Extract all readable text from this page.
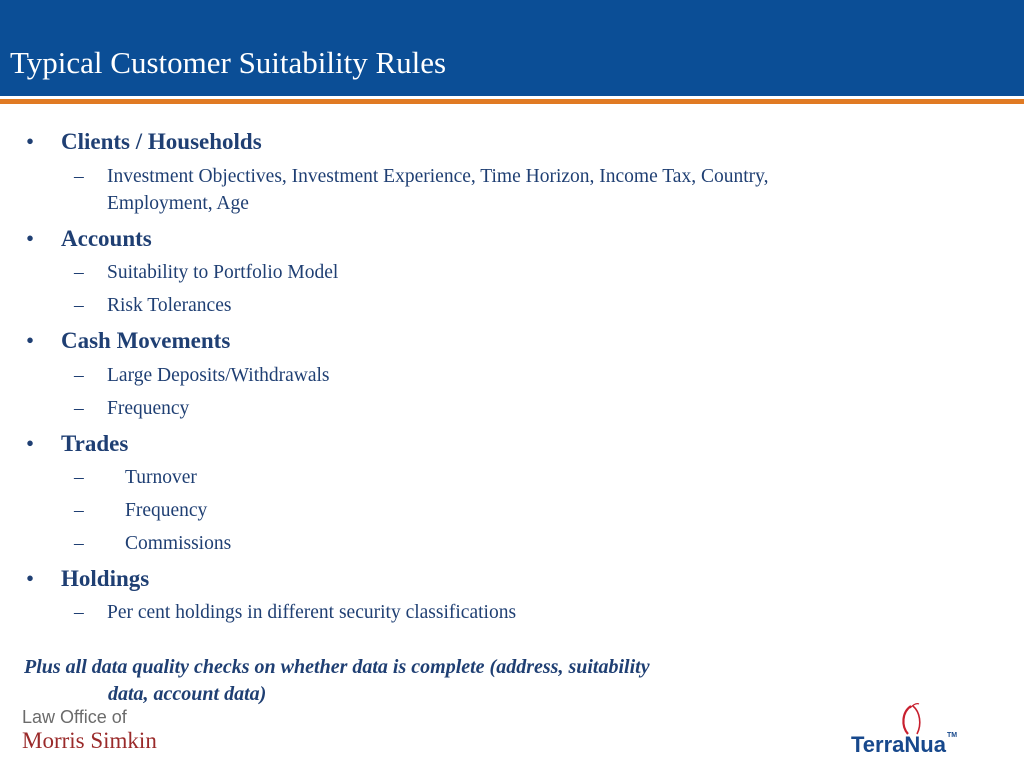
Typical Customer Suitability Rules
• Clients / Households
– Investment Objectives, Investment Experience, Time Horizon, Income Tax, Country,
Employment, Age
• Accounts
– Suitability to Portfolio Model
– Risk Tolerances
• Cash Movements
– Large Deposits/Withdrawals
– Frequency
• Trades
– Turnover
– Frequency
– Commissions
• Holdings
– Per cent holdings in different security classifications
Plus all data quality checks on whether data is complete (address, suitability
data, account data)
Law Office of
Morris Simkin	TerraNua™
